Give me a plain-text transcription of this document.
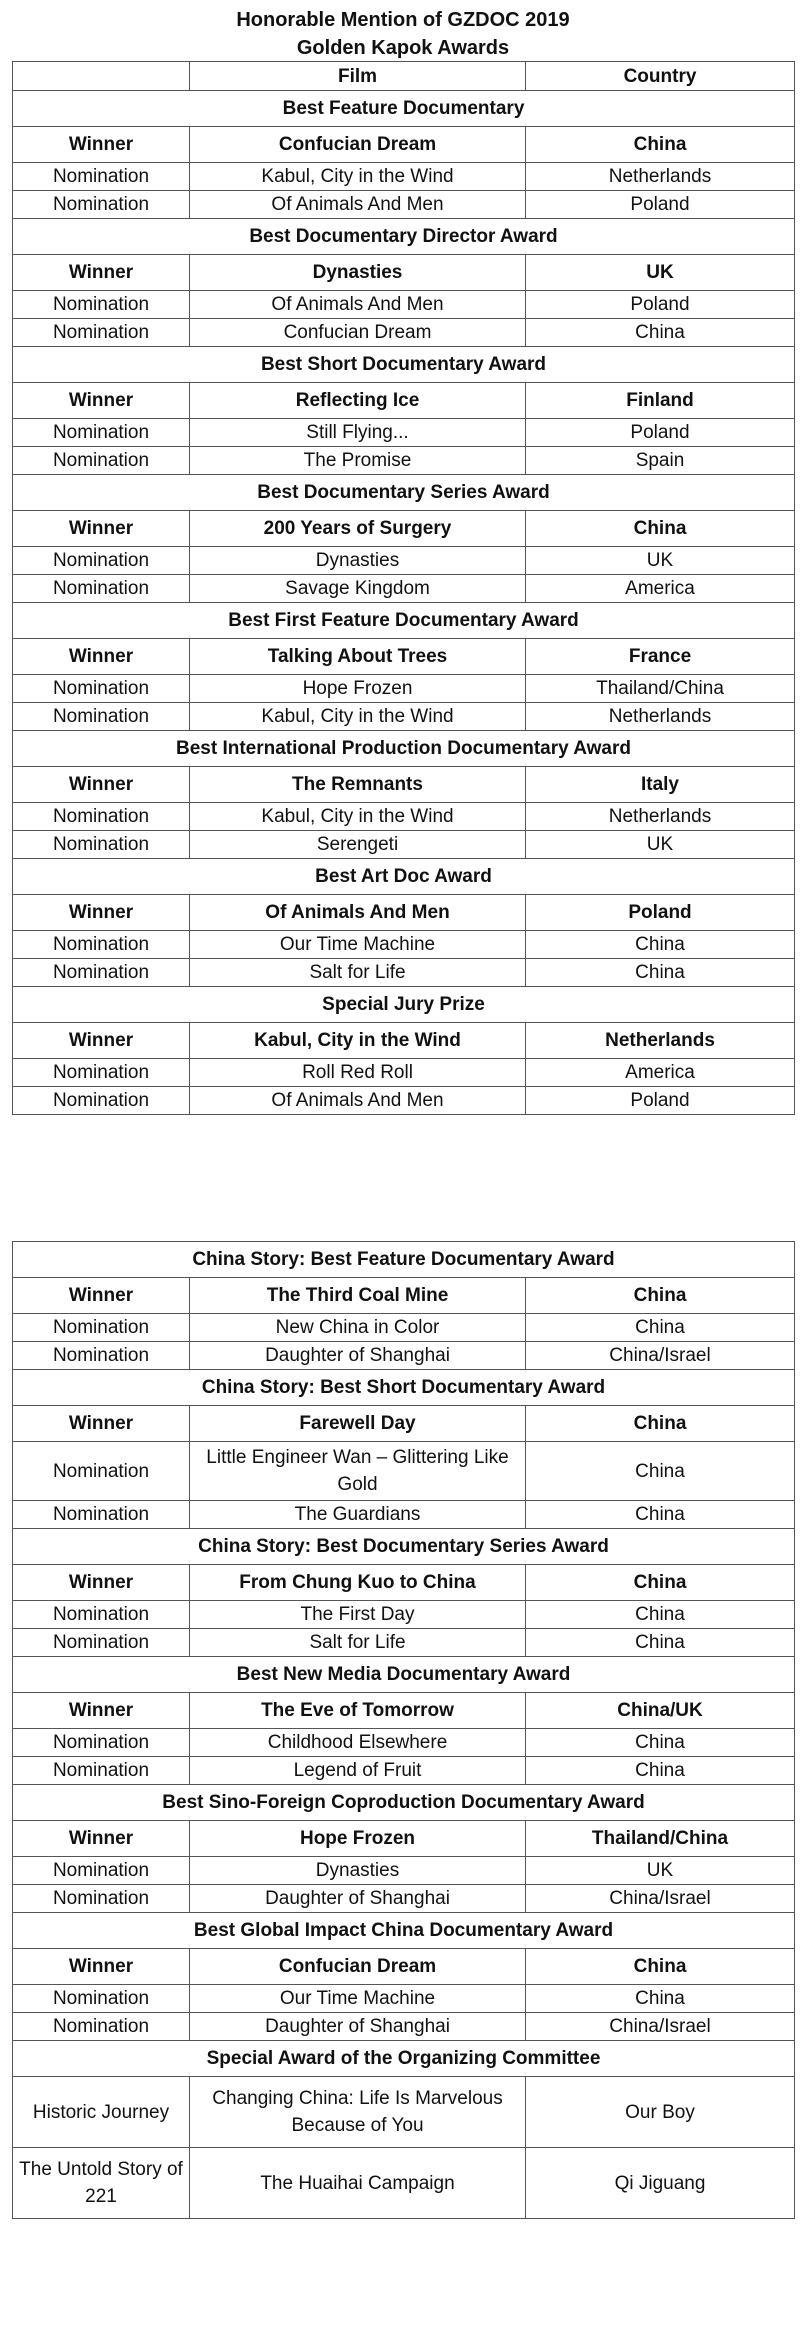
Honorable Mention of GZDOC 2019
Golden Kapok Awards
	Film	Country
Best Feature Documentary		
Winner	Confucian Dream	China
Nomination	Kabul, City in the Wind	Netherlands
Nomination	Of Animals And Men	Poland
Best Documentary Director Award		
Winner	Dynasties	UK
Nomination	Of Animals And Men	Poland
Nomination	Confucian Dream	China
Best Short Documentary Award		
Winner	Reflecting Ice	Finland
Nomination	Still Flying...	Poland
Nomination	The Promise	Spain
Best Documentary Series Award		
Winner	200 Years of Surgery	China
Nomination	Dynasties	UK
Nomination	Savage Kingdom	America
Best First Feature Documentary Award		
Winner	Talking About Trees	France
Nomination	Hope Frozen	Thailand/China
Nomination	Kabul, City in the Wind	Netherlands
Best International Production Documentary Award		
Winner	The Remnants	Italy
Nomination	Kabul, City in the Wind	Netherlands
Nomination	Serengeti	UK
Best Art Doc Award		
Winner	Of Animals And Men	Poland
Nomination	Our Time Machine	China
Nomination	Salt for Life	China
Special Jury Prize		
Winner	Kabul, City in the Wind	Netherlands
Nomination	Roll Red Roll	America
Nomination	Of Animals And Men	Poland
China Story: Best Feature Documentary Award		
Winner	The Third Coal Mine	China
Nomination	New China in Color	China
Nomination	Daughter of Shanghai	China/Israel
China Story: Best Short Documentary Award		
Winner	Farewell Day	China
Nomination	Little Engineer Wan – Glittering Like Gold	China
Nomination	The Guardians	China
China Story: Best Documentary Series Award		
Winner	From Chung Kuo to China	China
Nomination	The First Day	China
Nomination	Salt for Life	China
Best New Media Documentary Award		
Winner	The Eve of Tomorrow	China/UK
Nomination	Childhood Elsewhere	China
Nomination	Legend of Fruit	China
Best Sino-Foreign Coproduction Documentary Award		
Winner	Hope Frozen	Thailand/China
Nomination	Dynasties	UK
Nomination	Daughter of Shanghai	China/Israel
Best Global Impact China Documentary Award		
Winner	Confucian Dream	China
Nomination	Our Time Machine	China
Nomination	Daughter of Shanghai	China/Israel
Special Award of the Organizing Committee		
Historic Journey	Changing China: Life Is Marvelous Because of You	Our Boy
The Untold Story of 221	The Huaihai Campaign	Qi Jiguang
